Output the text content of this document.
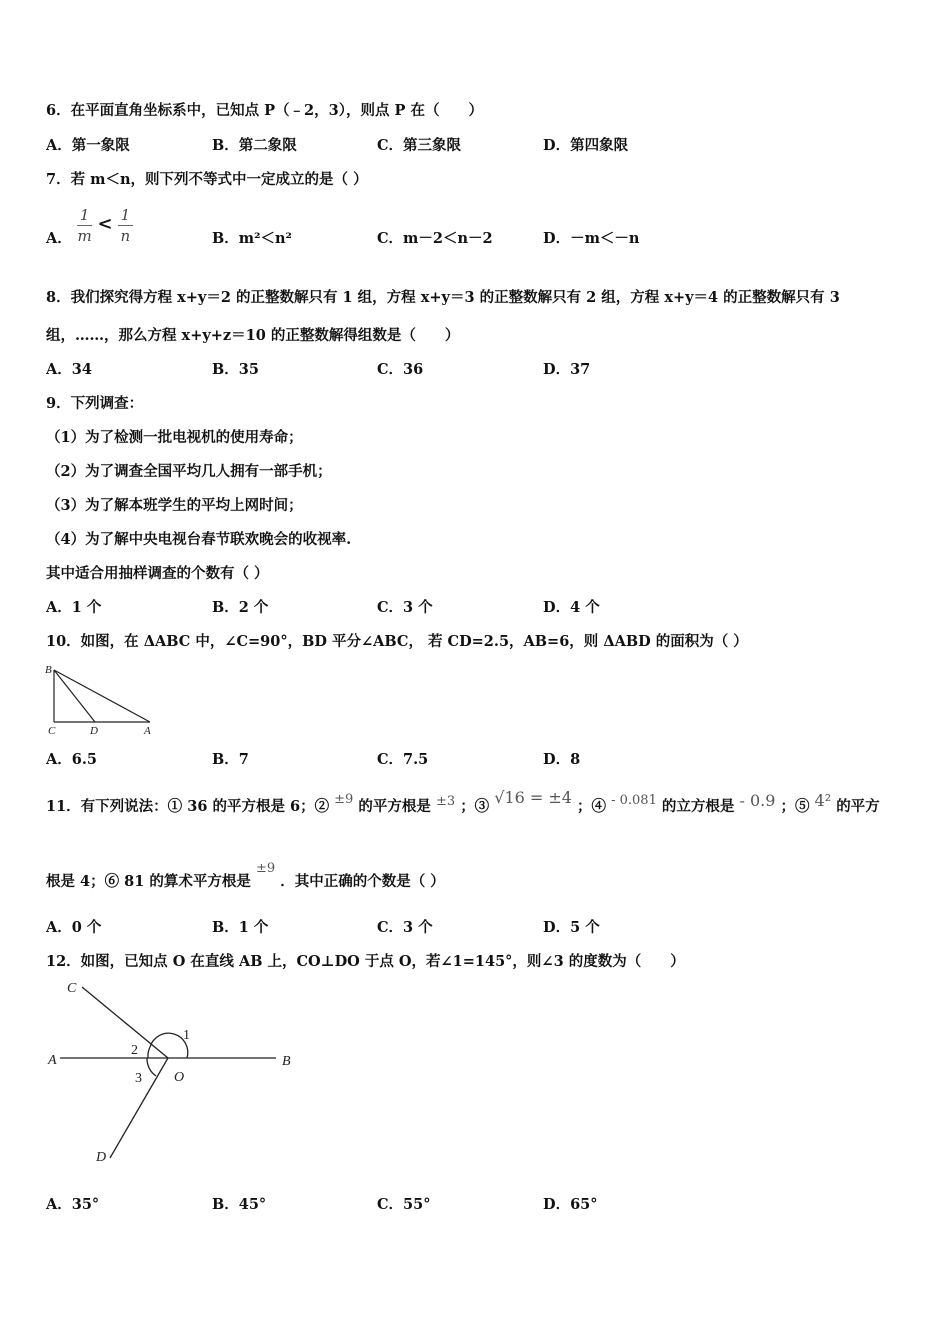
6．在平面直角坐标系中，已知点 P（﹣2，3），则点 P 在（　　）
A．第一象限	B．第二象限	C．第三象限	D．第四象限
7．若 m＜n，则下列不等式中一定成立的是（ ）
A． $\frac{1}{m} < \frac{1}{n}$	B．m²＜n²	C．m－2＜n－2	D．－m＜－n
8．我们探究得方程 x+y＝2 的正整数解只有 1 组，方程 x+y＝3 的正整数解只有 2 组，方程 x+y＝4 的正整数解只有 3
组，……，那么方程 x+y+z＝10 的正整数解得组数是（　　）
A．34	B．35	C．36	D．37
9．下列调查：
（1）为了检测一批电视机的使用寿命；
（2）为了调查全国平均几人拥有一部手机；
（3）为了解本班学生的平均上网时间；
（4）为了解中央电视台春节联欢晚会的收视率.
其中适合用抽样调查的个数有（ ）
A．1 个	B．2 个	C．3 个	D．4 个
10．如图，在 ΔABC 中，∠C=90°，BD 平分∠ABC， 若 CD=2.5，AB=6，则 ΔABD 的面积为（ ）
B
C	D	A
A．6.5	B．7	C．7.5	D．8
11．有下列说法：① 36 的平方根是 6；② ±9 的平方根是 ±3 ；③ √16 = ±4 ；④ - 0.081 的立方根是 - 0.9 ；⑤ 4² 的平方
根是 4；⑥ 81 的算术平方根是 ±9 ．其中正确的个数是（ ）
A．0 个	B．1 个	C．3 个	D．5 个
12．如图，已知点 O 在直线 AB 上，CO⊥DO 于点 O，若∠1=145°，则∠3 的度数为（　　）
C
A	B
O
D
1
2
3
A．35°	B．45°	C．55°	D．65°
